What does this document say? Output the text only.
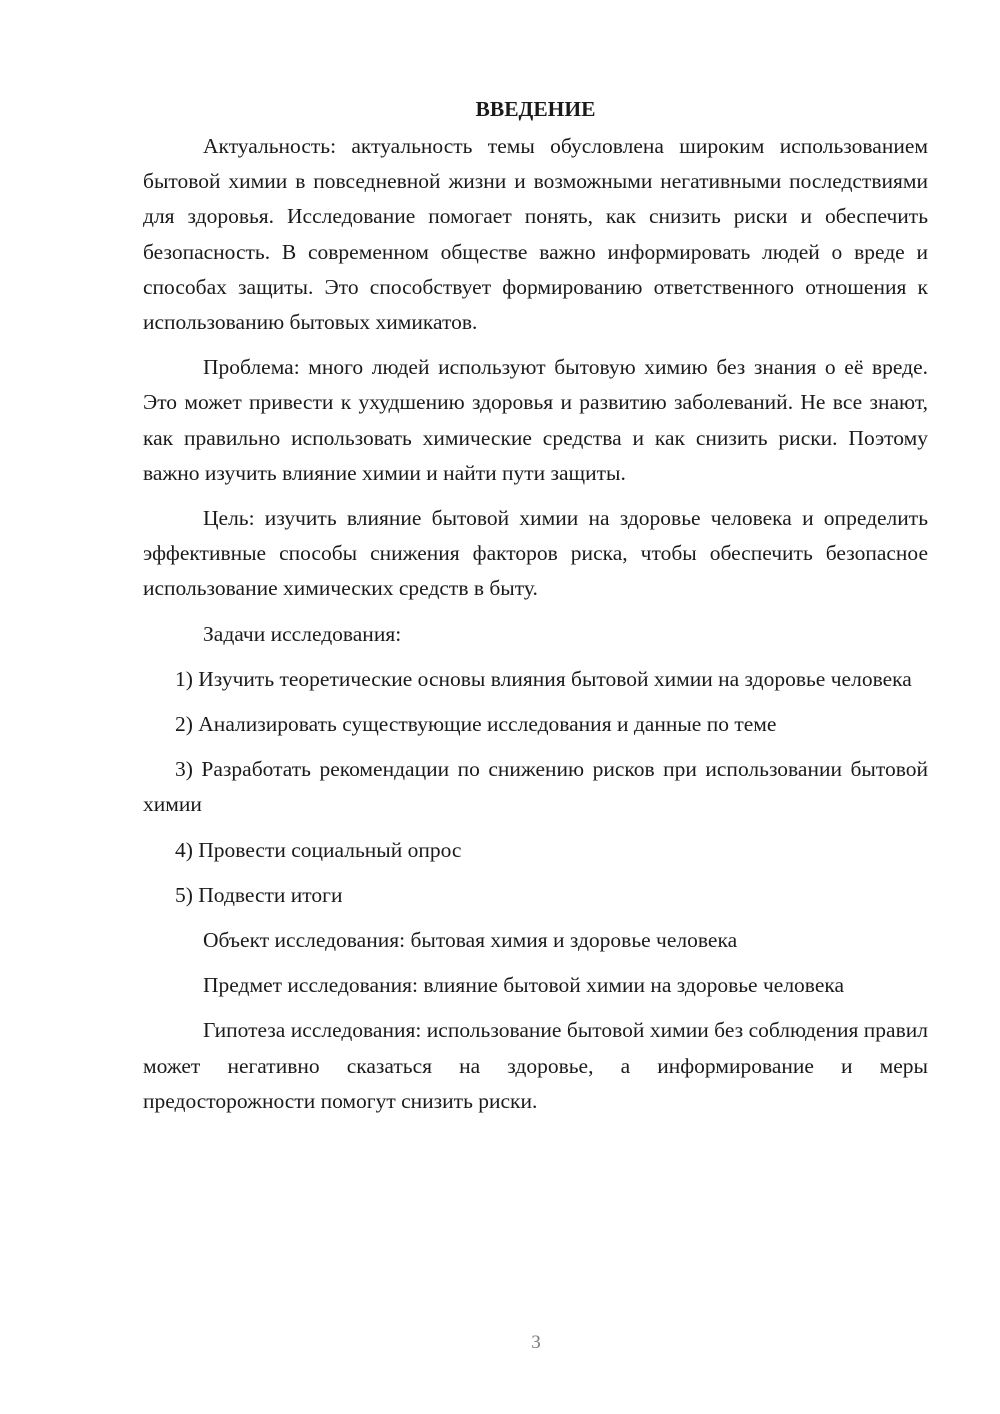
ВВЕДЕНИЕ

Актуальность: актуальность темы обусловлена широким использованием бытовой химии в повседневной жизни и возможными негативными последствиями для здоровья. Исследование помогает понять, как снизить риски и обеспечить безопасность. В современном обществе важно информировать людей о вреде и способах защиты. Это способствует формированию ответственного отношения к использованию бытовых химикатов.

Проблема: много людей используют бытовую химию без знания о её вреде. Это может привести к ухудшению здоровья и развитию заболеваний. Не все знают, как правильно использовать химические средства и как снизить риски. Поэтому важно изучить влияние химии и найти пути защиты.

Цель: изучить влияние бытовой химии на здоровье человека и определить эффективные способы снижения факторов риска, чтобы обеспечить безопасное использование химических средств в быту.

Задачи исследования:

1) Изучить теоретические основы влияния бытовой химии на здоровье человека

2) Анализировать существующие исследования и данные по теме

3) Разработать рекомендации по снижению рисков при использовании бытовой химии

4) Провести социальный опрос

5) Подвести итоги

Объект исследования: бытовая химия и здоровье человека

Предмет исследования: влияние бытовой химии на здоровье человека

Гипотеза исследования: использование бытовой химии без соблюдения правил может негативно сказаться на здоровье, а информирование и меры предосторожности помогут снизить риски.

3
